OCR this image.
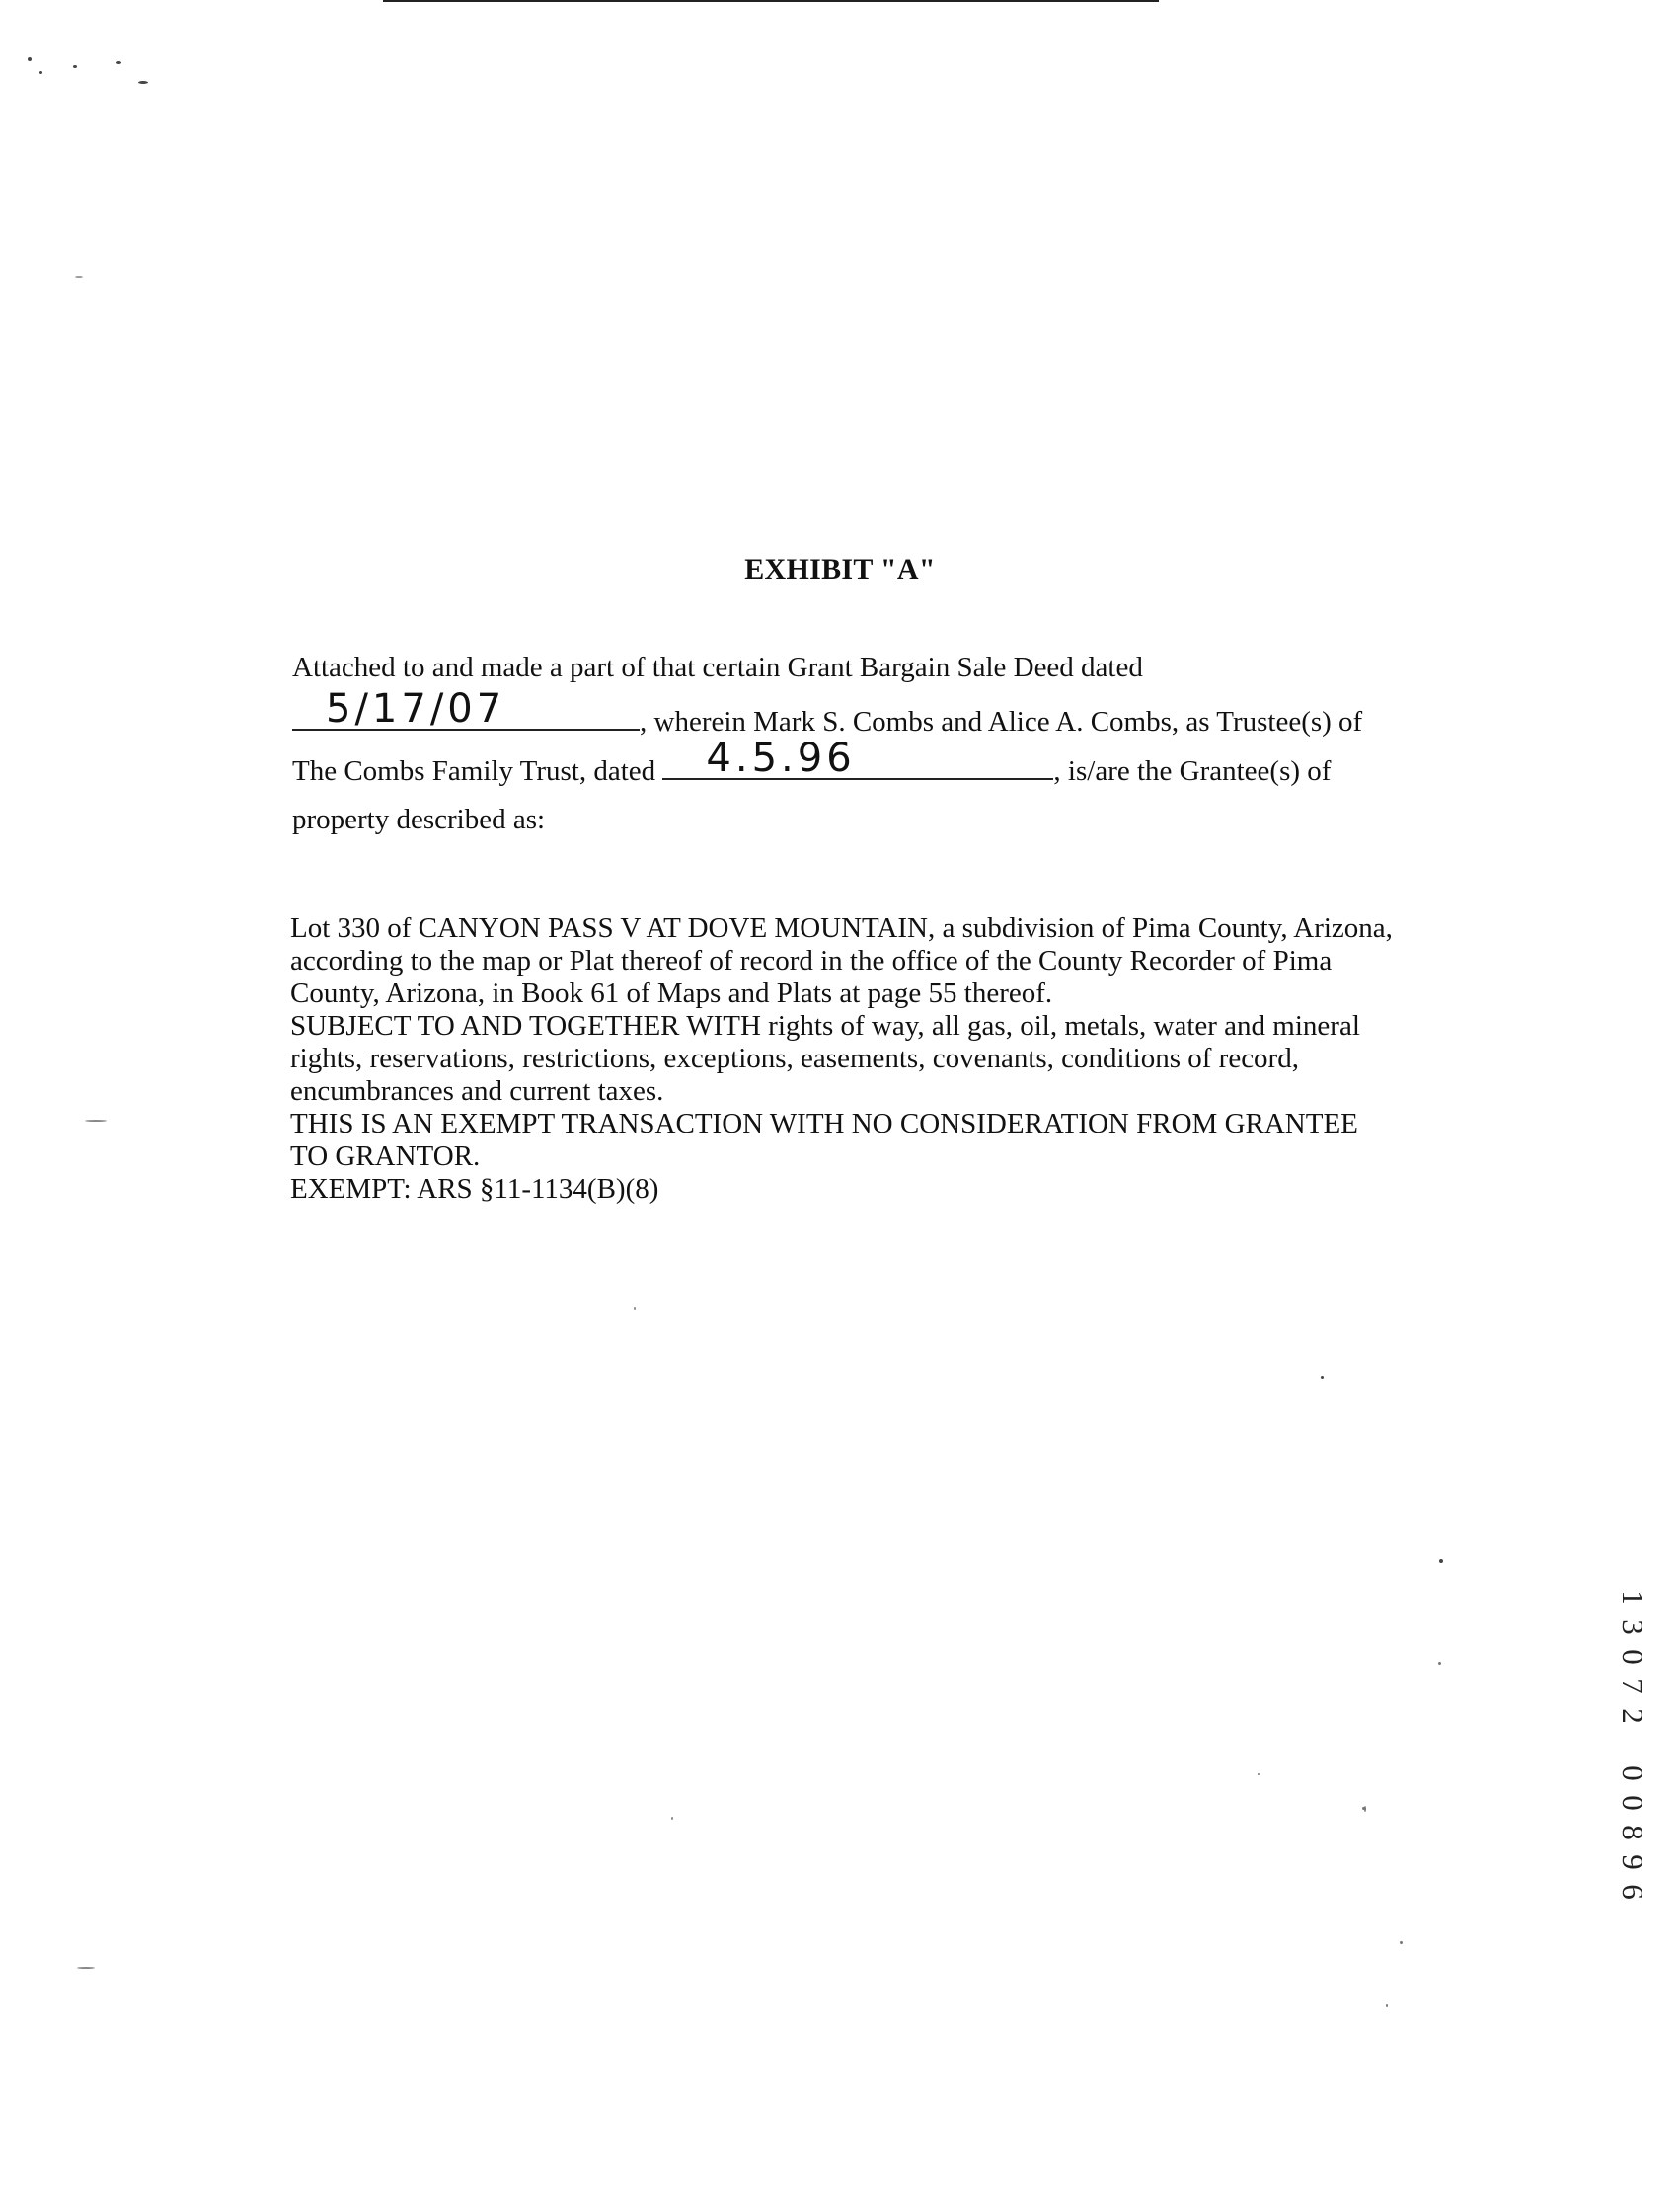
EXHIBIT "A"
Attached to and made a part of that certain Grant Bargain Sale Deed dated
5/17/07	, wherein Mark S. Combs and Alice A. Combs, as Trustee(s) of
The Combs Family Trust, dated 4.5.96	, is/are the Grantee(s) of
property described as:

Lot 330 of CANYON PASS V AT DOVE MOUNTAIN, a subdivision of Pima County, Arizona,

according to the map or Plat thereof of record in the office of the County Recorder of Pima

County, Arizona, in Book 61 of Maps and Plats at page 55 thereof.

SUBJECT TO AND TOGETHER WITH rights of way, all gas, oil, metals, water and mineral

rights, reservations, restrictions, exceptions, easements, covenants, conditions of record,

encumbrances and current taxes.

THIS IS AN EXEMPT TRANSACTION WITH NO CONSIDERATION FROM GRANTEE

TO GRANTOR.

EXEMPT: ARS §11-1134(B)(8)

1
3
0
7
2
0
0
8
9
6
